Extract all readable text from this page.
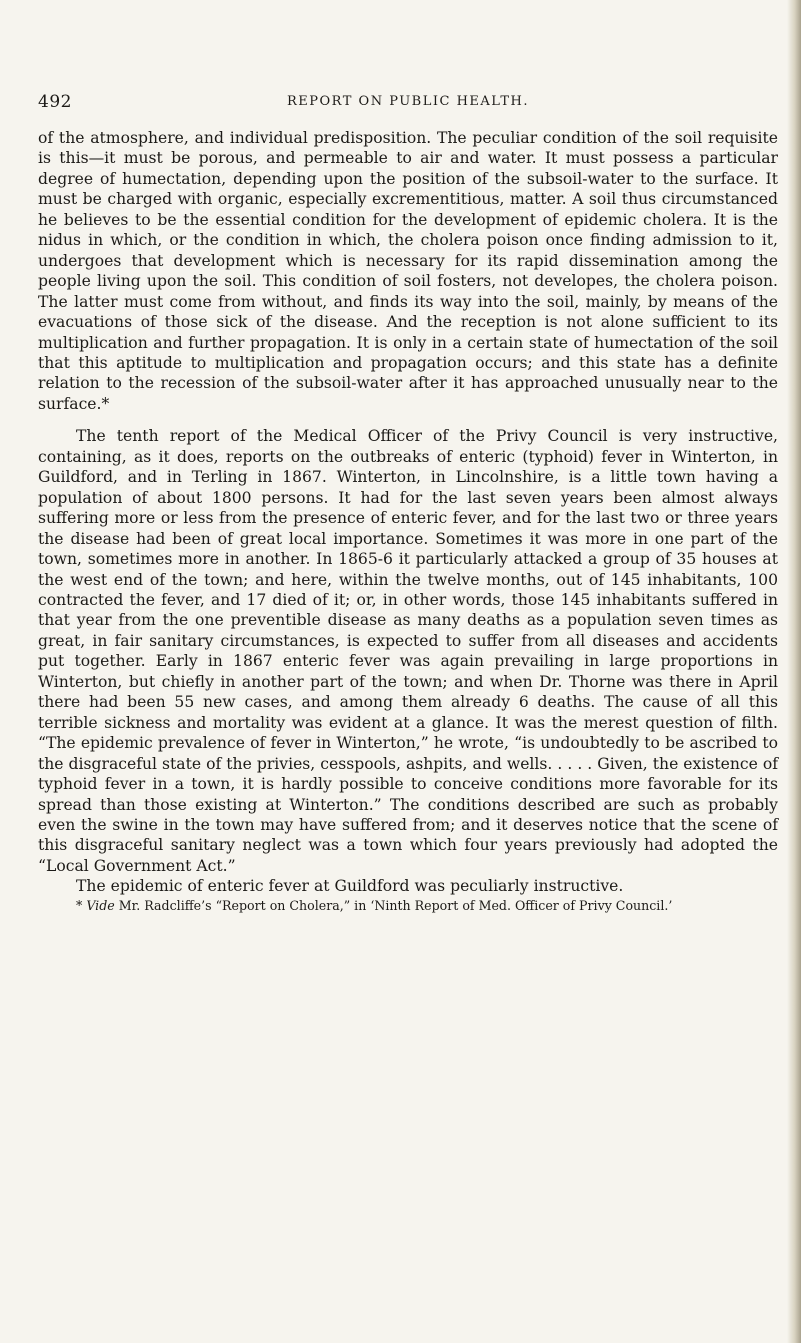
492	REPORT ON PUBLIC HEALTH.

of the atmosphere, and individual predisposition. The peculiar condition of the soil requisite is this—it must be porous, and permeable to air and water. It must possess a particular degree of humectation, depending upon the position of the subsoil-water to the surface. It must be charged with organic, especially excrementitious, matter. A soil thus circumstanced he believes to be the essential condition for the development of epidemic cholera. It is the nidus in which, or the condition in which, the cholera poison once finding admission to it, undergoes that development which is necessary for its rapid dissemination among the people living upon the soil. This condition of soil fosters, not developes, the cholera poison. The latter must come from without, and finds its way into the soil, mainly, by means of the evacuations of those sick of the disease. And the reception is not alone sufficient to its multiplication and further propagation. It is only in a certain state of humectation of the soil that this aptitude to multiplication and propagation occurs; and this state has a definite relation to the recession of the subsoil-water after it has approached unusually near to the surface.*

The tenth report of the Medical Officer of the Privy Council is very instructive, containing, as it does, reports on the outbreaks of enteric (typhoid) fever in Winterton, in Guildford, and in Terling in 1867. Winterton, in Lincolnshire, is a little town having a population of about 1800 persons. It had for the last seven years been almost always suffering more or less from the presence of enteric fever, and for the last two or three years the disease had been of great local importance. Sometimes it was more in one part of the town, sometimes more in another. In 1865-6 it particularly attacked a group of 35 houses at the west end of the town; and here, within the twelve months, out of 145 inhabitants, 100 contracted the fever, and 17 died of it; or, in other words, those 145 inhabitants suffered in that year from the one preventible disease as many deaths as a population seven times as great, in fair sanitary circumstances, is expected to suffer from all diseases and accidents put together. Early in 1867 enteric fever was again prevailing in large proportions in Winterton, but chiefly in another part of the town; and when Dr. Thorne was there in April there had been 55 new cases, and among them already 6 deaths. The cause of all this terrible sickness and mortality was evident at a glance. It was the merest question of filth. “The epidemic prevalence of fever in Winterton,” he wrote, “is undoubtedly to be ascribed to the disgraceful state of the privies, cesspools, ashpits, and wells. . . . . Given, the existence of typhoid fever in a town, it is hardly possible to conceive conditions more favorable for its spread than those existing at Winterton.” The conditions described are such as probably even the swine in the town may have suffered from; and it deserves notice that the scene of this disgraceful sanitary neglect was a town which four years previously had adopted the “Local Government Act.”

The epidemic of enteric fever at Guildford was peculiarly instructive.

* Vide Mr. Radcliffe’s “Report on Cholera,” in ‘Ninth Report of Med. Officer of Privy Council.’
